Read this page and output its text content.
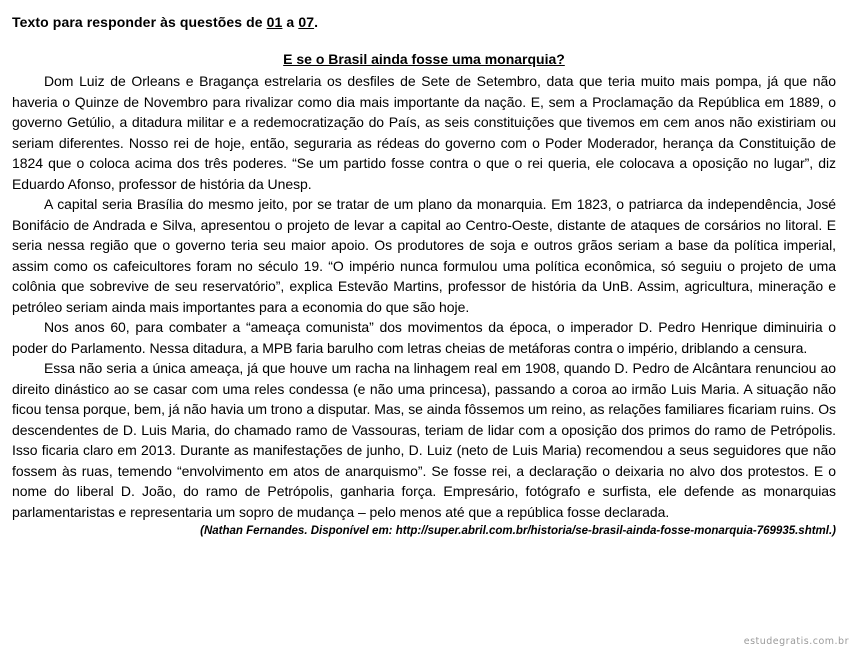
Texto para responder às questões de 01 a 07.

E se o Brasil ainda fosse uma monarquia?

Dom Luiz de Orleans e Bragança estrelaria os desfiles de Sete de Setembro, data que teria muito mais pompa, já que não haveria o Quinze de Novembro para rivalizar como dia mais importante da nação. E, sem a Proclamação da República em 1889, o governo Getúlio, a ditadura militar e a redemocratização do País, as seis constituições que tivemos em cem anos não existiriam ou seriam diferentes. Nosso rei de hoje, então, seguraria as rédeas do governo com o Poder Moderador, herança da Constituição de 1824 que o coloca acima dos três poderes. “Se um partido fosse contra o que o rei queria, ele colocava a oposição no lugar”, diz Eduardo Afonso, professor de história da Unesp.

A capital seria Brasília do mesmo jeito, por se tratar de um plano da monarquia. Em 1823, o patriarca da independência, José Bonifácio de Andrada e Silva, apresentou o projeto de levar a capital ao Centro-Oeste, distante de ataques de corsários no litoral. E seria nessa região que o governo teria seu maior apoio. Os produtores de soja e outros grãos seriam a base da política imperial, assim como os cafeicultores foram no século 19. “O império nunca formulou uma política econômica, só seguiu o projeto de uma colônia que sobrevive de seu reservatório”, explica Estevão Martins, professor de história da UnB. Assim, agricultura, mineração e petróleo seriam ainda mais importantes para a economia do que são hoje.

Nos anos 60, para combater a “ameaça comunista” dos movimentos da época, o imperador D. Pedro Henrique diminuiria o poder do Parlamento. Nessa ditadura, a MPB faria barulho com letras cheias de metáforas contra o império, driblando a censura.

Essa não seria a única ameaça, já que houve um racha na linhagem real em 1908, quando D. Pedro de Alcântara renunciou ao direito dinástico ao se casar com uma reles condessa (e não uma princesa), passando a coroa ao irmão Luis Maria. A situação não ficou tensa porque, bem, já não havia um trono a disputar. Mas, se ainda fôssemos um reino, as relações familiares ficariam ruins. Os descendentes de D. Luis Maria, do chamado ramo de Vassouras, teriam de lidar com a oposição dos primos do ramo de Petrópolis. Isso ficaria claro em 2013. Durante as manifestações de junho, D. Luiz (neto de Luis Maria) recomendou a seus seguidores que não fossem às ruas, temendo “envolvimento em atos de anarquismo”. Se fosse rei, a declaração o deixaria no alvo dos protestos. E o nome do liberal D. João, do ramo de Petrópolis, ganharia força. Empresário, fotógrafo e surfista, ele defende as monarquias parlamentaristas e representaria um sopro de mudança – pelo menos até que a república fosse declarada.

(Nathan Fernandes. Disponível em: http://super.abril.com.br/historia/se-brasil-ainda-fosse-monarquia-769935.shtml.)

estudegratis.com.br
